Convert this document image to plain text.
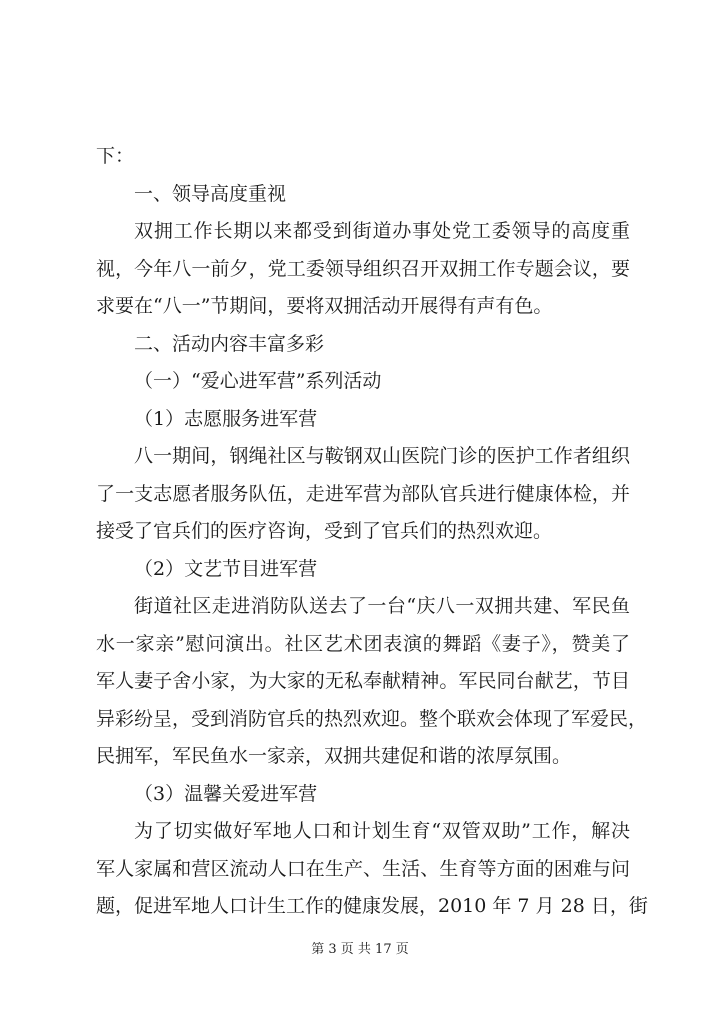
下：
一、领导高度重视
双拥工作长期以来都受到街道办事处党工委领导的高度重
视，今年八一前夕，党工委领导组织召开双拥工作专题会议，要
求要在“八一”节期间，要将双拥活动开展得有声有色。
二、活动内容丰富多彩
（一）“爱心进军营”系列活动
（1）志愿服务进军营
八一期间，钢绳社区与鞍钢双山医院门诊的医护工作者组织
了一支志愿者服务队伍，走进军营为部队官兵进行健康体检，并
接受了官兵们的医疗咨询，受到了官兵们的热烈欢迎。
（2）文艺节目进军营
街道社区走进消防队送去了一台“庆八一双拥共建、军民鱼
水一家亲”慰问演出。社区艺术团表演的舞蹈《妻子》，赞美了
军人妻子舍小家，为大家的无私奉献精神。军民同台献艺，节目
异彩纷呈，受到消防官兵的热烈欢迎。整个联欢会体现了军爱民，
民拥军，军民鱼水一家亲，双拥共建促和谐的浓厚氛围。
（3）温馨关爱进军营
为了切实做好军地人口和计划生育“双管双助”工作，解决
军人家属和营区流动人口在生产、生活、生育等方面的困难与问
题，促进军地人口计生工作的健康发展，2010 年 7 月 28 日，街
第 3 页 共 17 页
